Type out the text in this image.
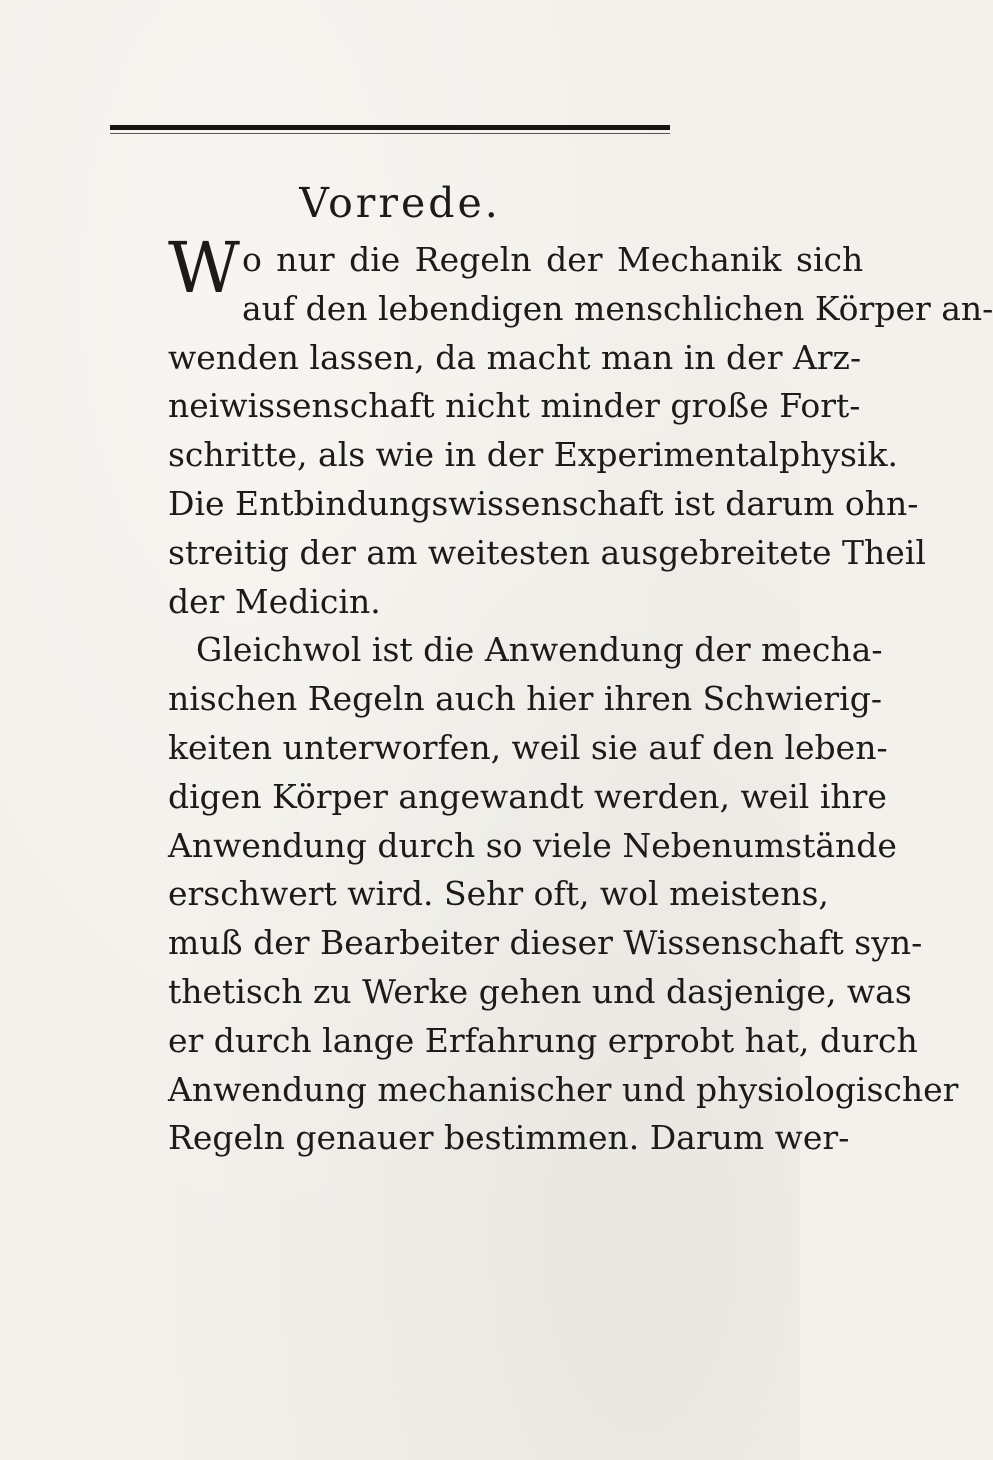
Vorrede.
Wo nur die Regeln der Mechanik sich
auf den lebendigen menschlichen Körper an-
wenden lassen, da macht man in der Arz-
neiwissenschaft nicht minder große Fort-
schritte, als wie in der Experimentalphysik.
Die Entbindungswissenschaft ist darum ohn-
streitig der am weitesten ausgebreitete Theil
der Medicin.
Gleichwol ist die Anwendung der mecha-
nischen Regeln auch hier ihren Schwierig-
keiten unterworfen, weil sie auf den leben-
digen Körper angewandt werden, weil ihre
Anwendung durch so viele Nebenumstände
erschwert wird. Sehr oft, wol meistens,
muß der Bearbeiter dieser Wissenschaft syn-
thetisch zu Werke gehen und dasjenige, was
er durch lange Erfahrung erprobt hat, durch
Anwendung mechanischer und physiologischer
Regeln genauer bestimmen. Darum wer-
